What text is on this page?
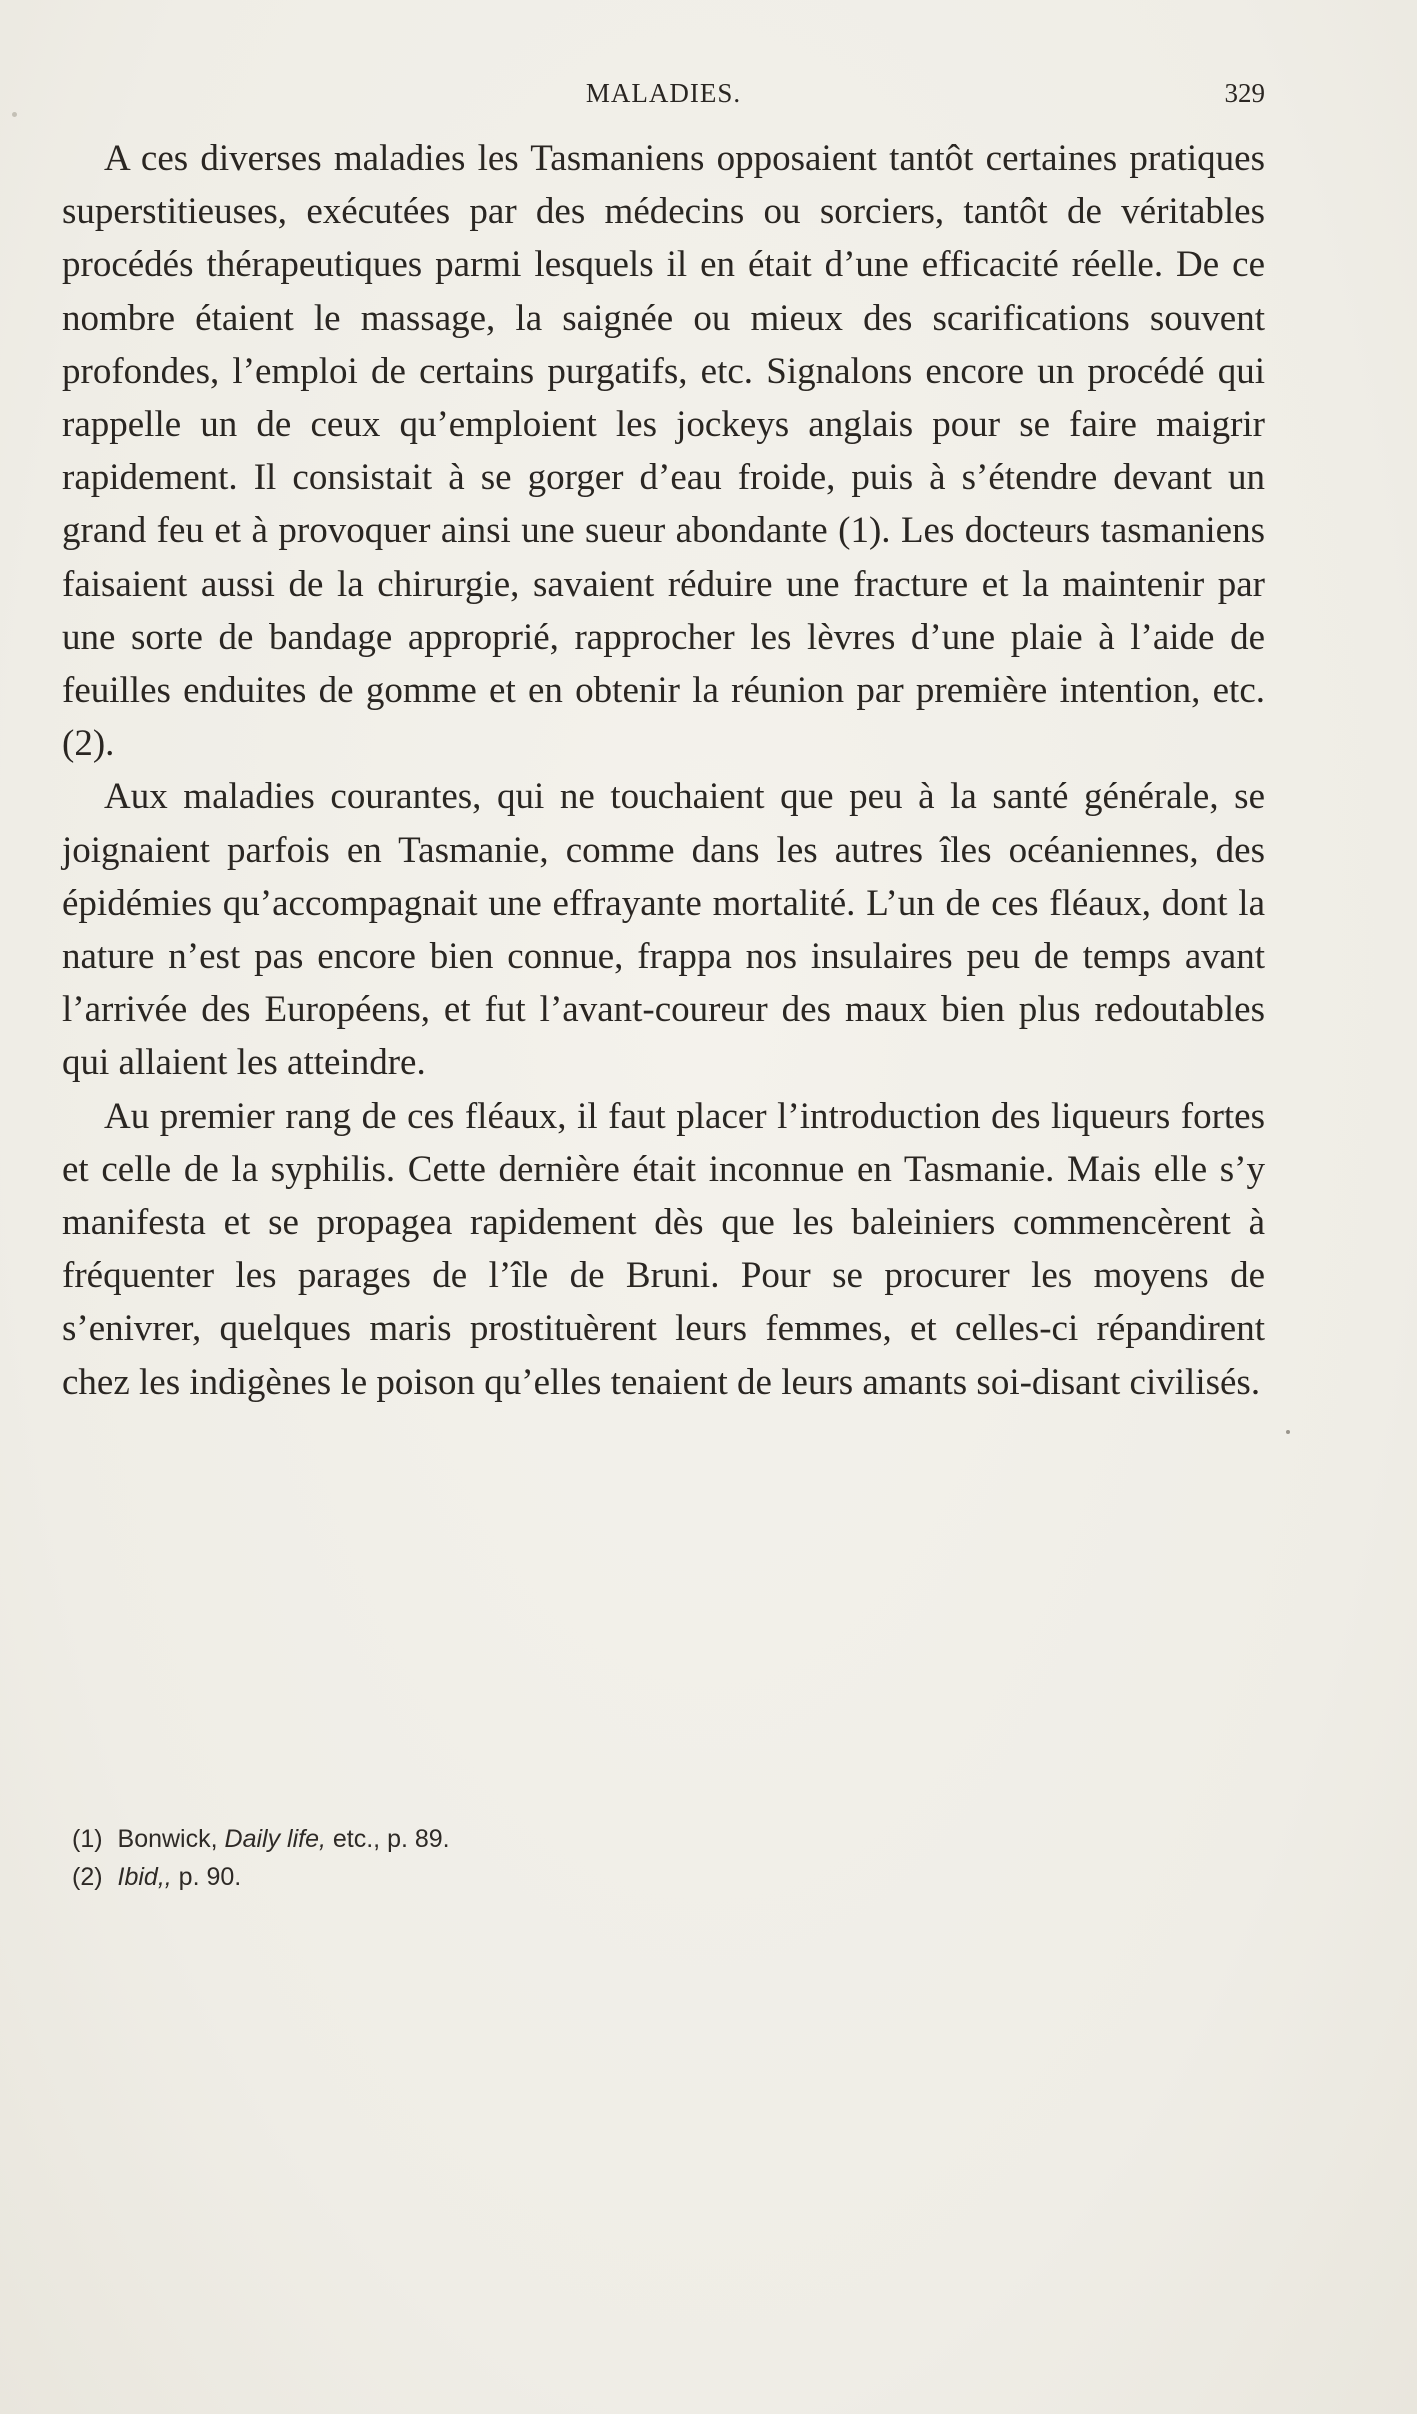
MALADIES.	329

A ces diverses maladies les Tasmaniens opposaient tantôt certaines pratiques superstitieuses, exécutées par des médecins ou sorciers, tantôt de véritables procédés thérapeutiques parmi lesquels il en était d’une efficacité réelle. De ce nombre étaient le massage, la saignée ou mieux des scarifications souvent profondes, l’emploi de certains purgatifs, etc. Signalons encore un procédé qui rappelle un de ceux qu’emploient les jockeys anglais pour se faire maigrir rapidement. Il consistait à se gorger d’eau froide, puis à s’étendre devant un grand feu et à provoquer ainsi une sueur abondante (1). Les docteurs tasmaniens faisaient aussi de la chirurgie, savaient réduire une fracture et la maintenir par une sorte de bandage approprié, rapprocher les lèvres d’une plaie à l’aide de feuilles enduites de gomme et en obtenir la réunion par première intention, etc. (2).

Aux maladies courantes, qui ne touchaient que peu à la santé générale, se joignaient parfois en Tasmanie, comme dans les autres îles océaniennes, des épidémies qu’accompagnait une effrayante mortalité. L’un de ces fléaux, dont la nature n’est pas encore bien connue, frappa nos insulaires peu de temps avant l’arrivée des Européens, et fut l’avant-coureur des maux bien plus redoutables qui allaient les atteindre.

Au premier rang de ces fléaux, il faut placer l’introduction des liqueurs fortes et celle de la syphilis. Cette dernière était inconnue en Tasmanie. Mais elle s’y manifesta et se propagea rapidement dès que les baleiniers commencèrent à fréquenter les parages de l’île de Bruni. Pour se procurer les moyens de s’enivrer, quelques maris prostituèrent leurs femmes, et celles-ci répandirent chez les indigènes le poison qu’elles tenaient de leurs amants soi-disant civilisés.

(1) Bonwick, Daily life, etc., p. 89.

(2) Ibid,, p. 90.
